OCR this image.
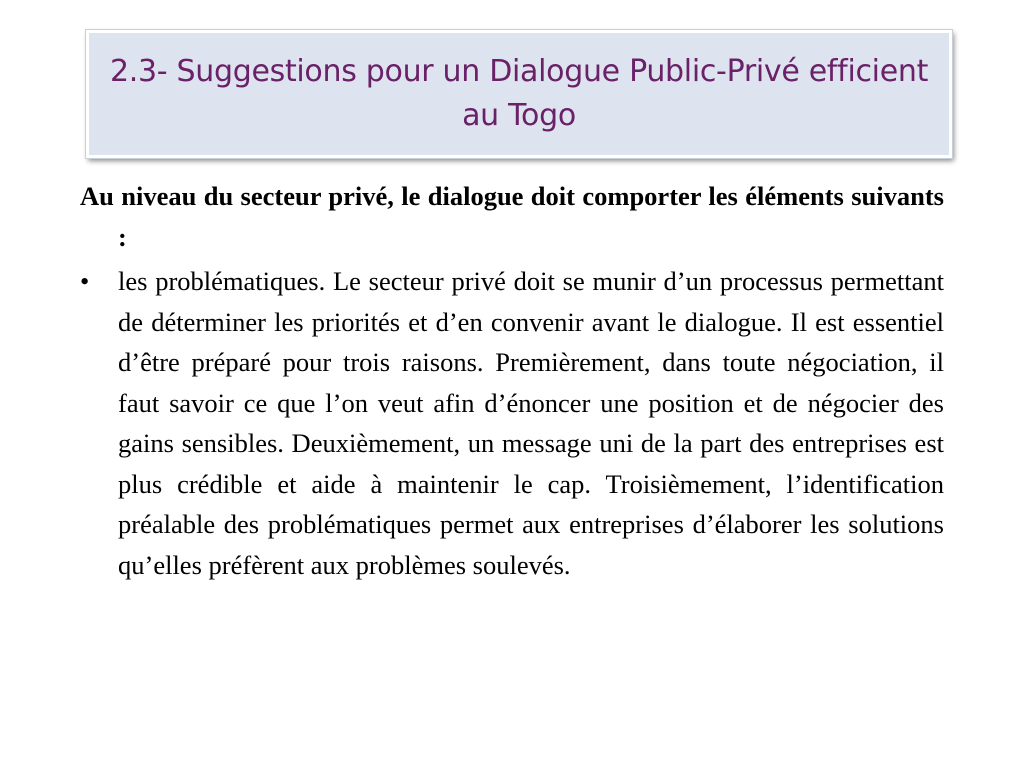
2.3- Suggestions pour un Dialogue Public-Privé efficient au Togo

Au niveau du secteur privé, le dialogue doit comporter les éléments suivants :

•	les problématiques. Le secteur privé doit se munir d’un processus permettant de déterminer les priorités et d’en convenir avant le dialogue. Il est essentiel d’être préparé pour trois raisons. Premièrement, dans toute négociation, il faut savoir ce que l’on veut afin d’énoncer une position et de négocier des gains sensibles. Deuxièmement, un message uni de la part des entreprises est plus crédible et aide à maintenir le cap. Troisièmement, l’identification préalable des problématiques permet aux entreprises d’élaborer les solutions qu’elles préfèrent aux problèmes soulevés.
